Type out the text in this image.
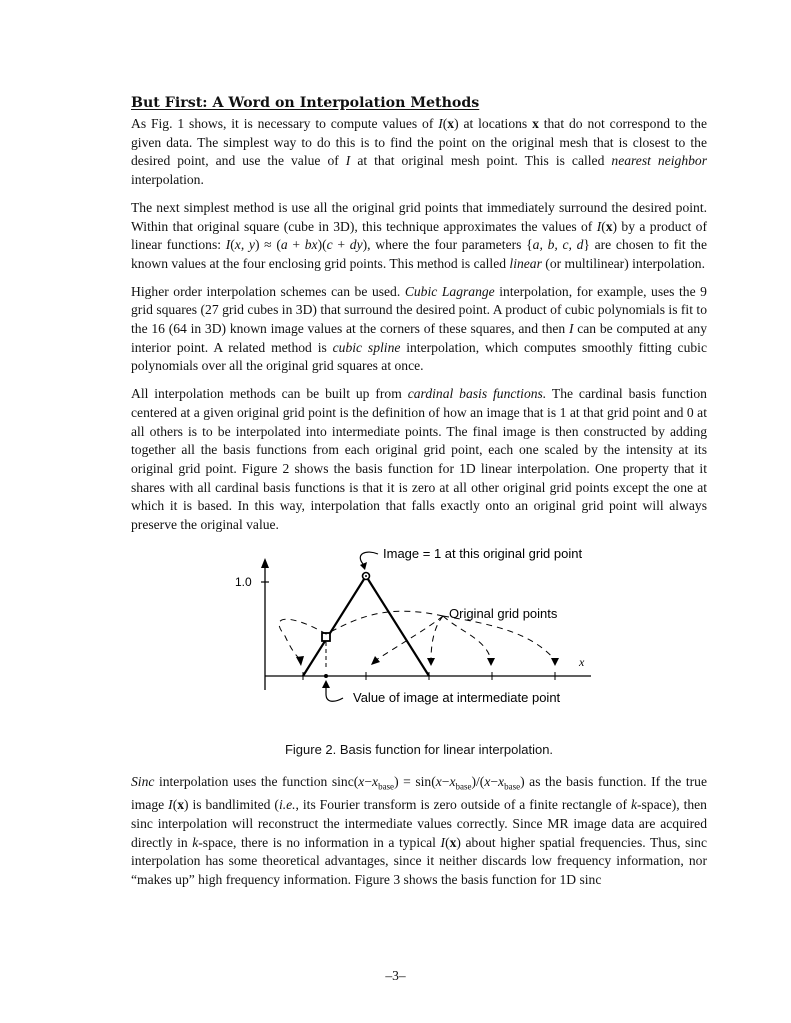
But First: A Word on Interpolation Methods

As Fig. 1 shows, it is necessary to compute values of I(x) at locations x that do not correspond to the given data. The simplest way to do this is to find the point on the original mesh that is closest to the desired point, and use the value of I at that original mesh point. This is called nearest neighbor interpolation.

The next simplest method is use all the original grid points that immediately surround the desired point. Within that original square (cube in 3D), this technique approximates the values of I(x) by a product of linear functions: I(x, y) ≈ (a + bx)(c + dy), where the four parameters {a, b, c, d} are chosen to fit the known values at the four enclosing grid points. This method is called linear (or multilinear) interpolation.

Higher order interpolation schemes can be used. Cubic Lagrange interpolation, for example, uses the 9 grid squares (27 grid cubes in 3D) that surround the desired point. A product of cubic polynomials is fit to the 16 (64 in 3D) known image values at the corners of these squares, and then I can be computed at any interior point. A related method is cubic spline interpolation, which computes smoothly fitting cubic polynomials over all the original grid squares at once.

All interpolation methods can be built up from cardinal basis functions. The cardinal basis function centered at a given original grid point is the definition of how an image that is 1 at that grid point and 0 at all others is to be interpolated into intermediate points. The final image is then constructed by adding together all the basis functions from each original grid point, each one scaled by the intensity at its original grid point. Figure 2 shows the basis function for 1D linear interpolation. One property that it shares with all cardinal basis functions is that it is zero at all other original grid points except the one at which it is based. In this way, interpolation that falls exactly onto an original grid point will always preserve the original value.

1.0
x
Image = 1 at this original grid point
Original grid points
Value of image at intermediate point
Figure 2. Basis function for linear interpolation.

Sinc interpolation uses the function $\sin c(x-x_{base}) = \sin(x-x_{base})/(x-x_{base})$ as the basis function. If the true image I(x) is bandlimited (i.e., its Fourier transform is zero outside of a finite rectangle of k-space), then sinc interpolation will reconstruct the intermediate values correctly. Since MR image data are acquired directly in k-space, there is no information in a typical I(x) about higher spatial frequencies. Thus, sinc interpolation has some theoretical advantages, since it neither discards low frequency information, nor “makes up” high frequency information. Figure 3 shows the basis function for 1D sinc

–3–
